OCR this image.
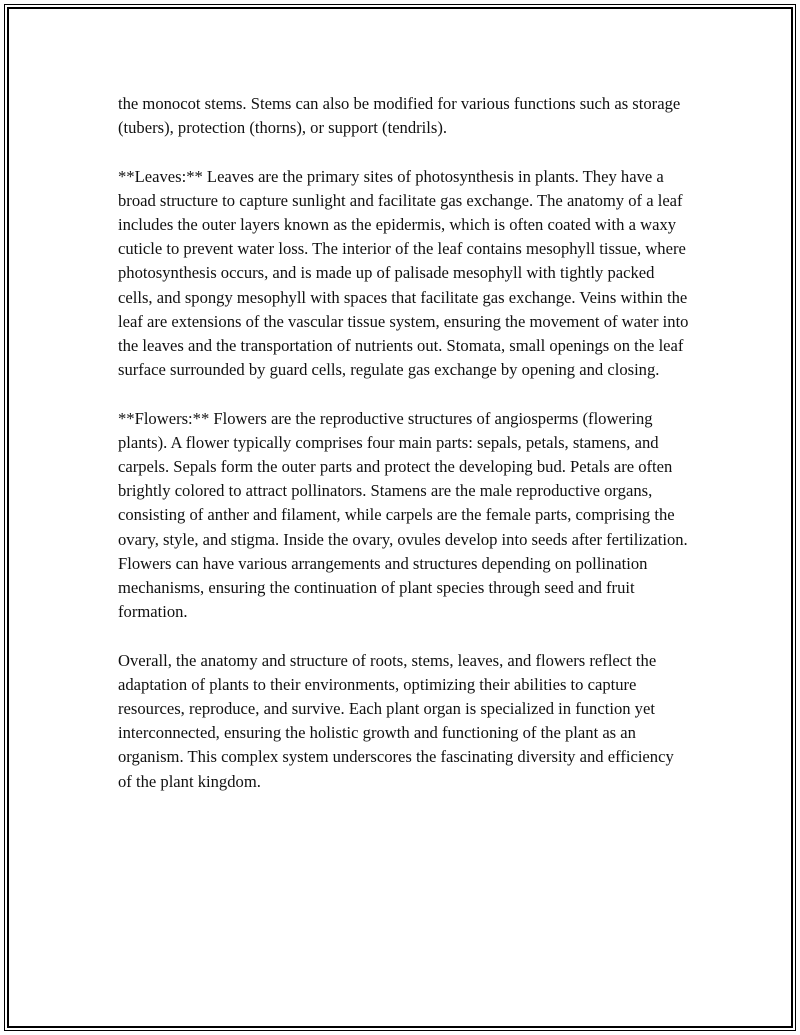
the monocot stems. Stems can also be modified for various functions such as storage (tubers), protection (thorns), or support (tendrils).

**Leaves:** Leaves are the primary sites of photosynthesis in plants. They have a broad structure to capture sunlight and facilitate gas exchange. The anatomy of a leaf includes the outer layers known as the epidermis, which is often coated with a waxy cuticle to prevent water loss. The interior of the leaf contains mesophyll tissue, where photosynthesis occurs, and is made up of palisade mesophyll with tightly packed cells, and spongy mesophyll with spaces that facilitate gas exchange. Veins within the leaf are extensions of the vascular tissue system, ensuring the movement of water into the leaves and the transportation of nutrients out. Stomata, small openings on the leaf surface surrounded by guard cells, regulate gas exchange by opening and closing.

**Flowers:** Flowers are the reproductive structures of angiosperms (flowering plants). A flower typically comprises four main parts: sepals, petals, stamens, and carpels. Sepals form the outer parts and protect the developing bud. Petals are often brightly colored to attract pollinators. Stamens are the male reproductive organs, consisting of anther and filament, while carpels are the female parts, comprising the ovary, style, and stigma. Inside the ovary, ovules develop into seeds after fertilization. Flowers can have various arrangements and structures depending on pollination mechanisms, ensuring the continuation of plant species through seed and fruit formation.

Overall, the anatomy and structure of roots, stems, leaves, and flowers reflect the adaptation of plants to their environments, optimizing their abilities to capture resources, reproduce, and survive. Each plant organ is specialized in function yet interconnected, ensuring the holistic growth and functioning of the plant as an organism. This complex system underscores the fascinating diversity and efficiency of the plant kingdom.
